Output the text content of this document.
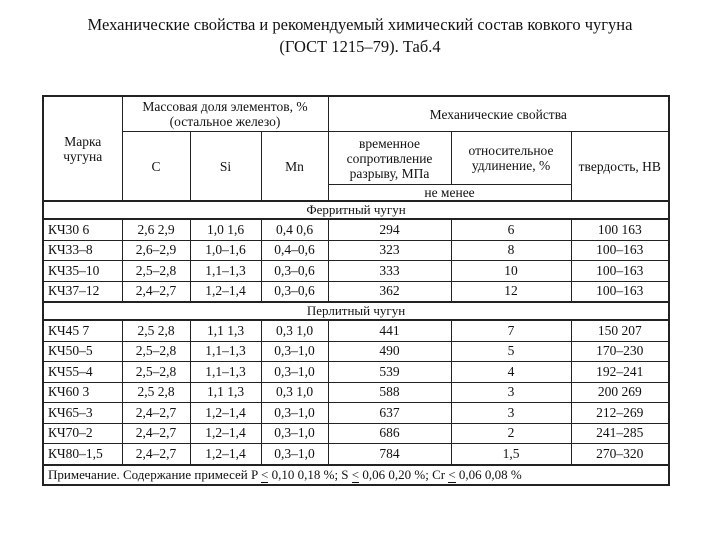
Механические свойства и рекомендуемый химический состав ковкого чугуна
(ГОСТ 1215–79). Таб.4
Марка чугуна	Массовая доля элементов, % (остальное железо)			Механические свойства		
	C	Si	Mn	временное сопротивление разрыву, МПа	относительное удлинение, %	твердость, НВ
				не менее		
Ферритный чугун						
КЧ30 6	2,6 2,9	1,0 1,6	0,4 0,6	294	6	100 163
КЧ33–8	2,6–2,9	1,0–1,6	0,4–0,6	323	8	100–163
КЧ35–10	2,5–2,8	1,1–1,3	0,3–0,6	333	10	100–163
КЧ37–12	2,4–2,7	1,2–1,4	0,3–0,6	362	12	100–163
Перлитный чугун						
КЧ45 7	2,5 2,8	1,1 1,3	0,3 1,0	441	7	150 207
КЧ50–5	2,5–2,8	1,1–1,3	0,3–1,0	490	5	170–230
КЧ55–4	2,5–2,8	1,1–1,3	0,3–1,0	539	4	192–241
КЧ60 3	2,5 2,8	1,1 1,3	0,3 1,0	588	3	200 269
КЧ65–3	2,4–2,7	1,2–1,4	0,3–1,0	637	3	212–269
КЧ70–2	2,4–2,7	1,2–1,4	0,3–1,0	686	2	241–285
КЧ80–1,5	2,4–2,7	1,2–1,4	0,3–1,0	784	1,5	270–320
Примечание. Содержание примесей P < 0,10 0,18 %; S < 0,06 0,20 %; Cr < 0,06 0,08 %						
